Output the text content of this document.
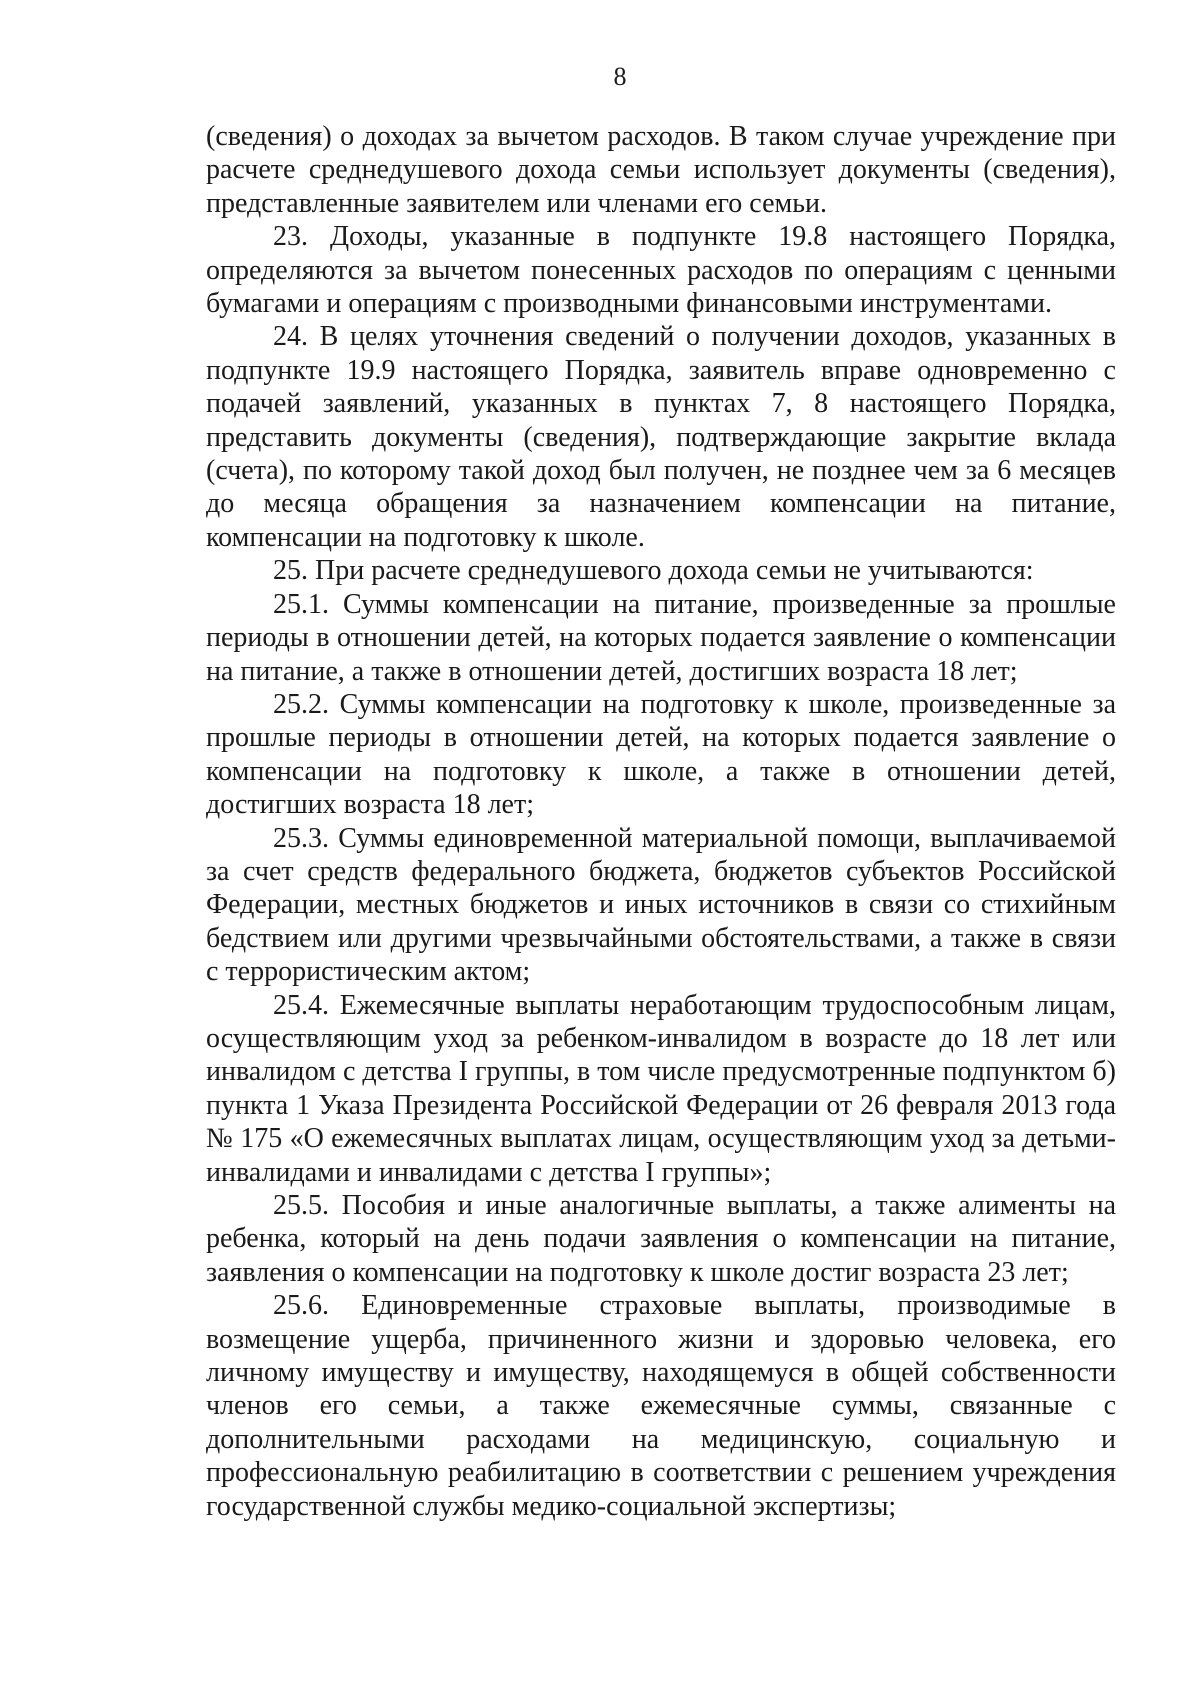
8

(сведения) о доходах за вычетом расходов. В таком случае учреждение при расчете среднедушевого дохода семьи использует документы (сведения), представленные заявителем или членами его семьи.

23. Доходы, указанные в подпункте 19.8 настоящего Порядка, определяются за вычетом понесенных расходов по операциям с ценными бумагами и операциям с производными финансовыми инструментами.

24. В целях уточнения сведений о получении доходов, указанных в подпункте 19.9 настоящего Порядка, заявитель вправе одновременно с подачей заявлений, указанных в пунктах 7, 8 настоящего Порядка, представить документы (сведения), подтверждающие закрытие вклада (счета), по которому такой доход был получен, не позднее чем за 6 месяцев до месяца обращения за назначением компенсации на питание, компенсации на подготовку к школе.

25. При расчете среднедушевого дохода семьи не учитываются:

25.1. Суммы компенсации на питание, произведенные за прошлые периоды в отношении детей, на которых подается заявление о компенсации на питание, а также в отношении детей, достигших возраста 18 лет;

25.2. Суммы компенсации на подготовку к школе, произведенные за прошлые периоды в отношении детей, на которых подается заявление о компенсации на подготовку к школе, а также в отношении детей, достигших возраста 18 лет;

25.3. Суммы единовременной материальной помощи, выплачиваемой за счет средств федерального бюджета, бюджетов субъектов Российской Федерации, местных бюджетов и иных источников в связи со стихийным бедствием или другими чрезвычайными обстоятельствами, а также в связи с террористическим актом;

25.4. Ежемесячные выплаты неработающим трудоспособным лицам, осуществляющим уход за ребенком-инвалидом в возрасте до 18 лет или инвалидом с детства I группы, в том числе предусмотренные подпунктом б) пункта 1 Указа Президента Российской Федерации от 26 февраля 2013 года № 175 «О ежемесячных выплатах лицам, осуществляющим уход за детьми-инвалидами и инвалидами с детства I группы»;

25.5. Пособия и иные аналогичные выплаты, а также алименты на ребенка, который на день подачи заявления о компенсации на питание, заявления о компенсации на подготовку к школе достиг возраста 23 лет;

25.6. Единовременные страховые выплаты, производимые в возмещение ущерба, причиненного жизни и здоровью человека, его личному имуществу и имуществу, находящемуся в общей собственности членов его семьи, а также ежемесячные суммы, связанные с дополнительными расходами на медицинскую, социальную и профессиональную реабилитацию в соответствии с решением учреждения государственной службы медико-социальной экспертизы;
